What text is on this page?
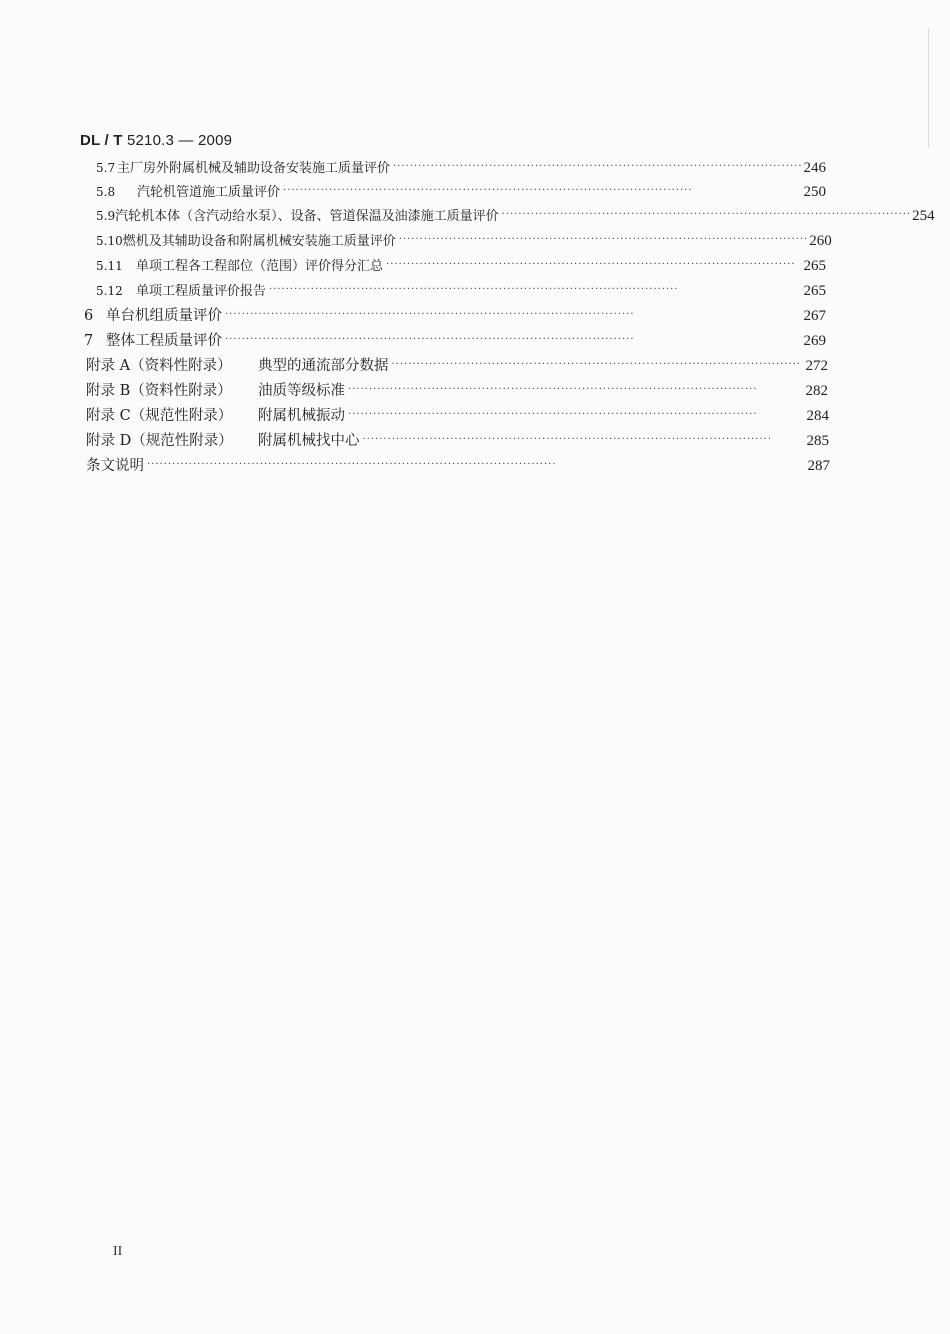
DL / T 5210.3 — 2009
5.7 主厂房外附属机械及辅助设备安装施工质量评价 ·································································································· 246
5.8	汽轮机管道施工质量评价 ··································································································	250
5.9 汽轮机本体（含汽动给水泵）、设备、管道保温及油漆施工质量评价 ·································································································· 254
5.10 燃机及其辅助设备和附属机械安装施工质量评价 ·································································································· 260
5.11	单项工程各工程部位（范围）评价得分汇总 ·································································································· 265
5.12	单项工程质量评价报告 ··································································································	265
6 单台机组质量评价 ··································································································	267
7 整体工程质量评价 ··································································································	269
附录 A（资料性附录）	典型的通流部分数据 ·································································································· 272
附录 B（资料性附录）	油质等级标准 ··································································································	282
附录 C（规范性附录）	附属机械振动 ··································································································	284
附录 D（规范性附录）	附属机械找中心 ··································································································	285
条文说明 ··································································································	287
II
